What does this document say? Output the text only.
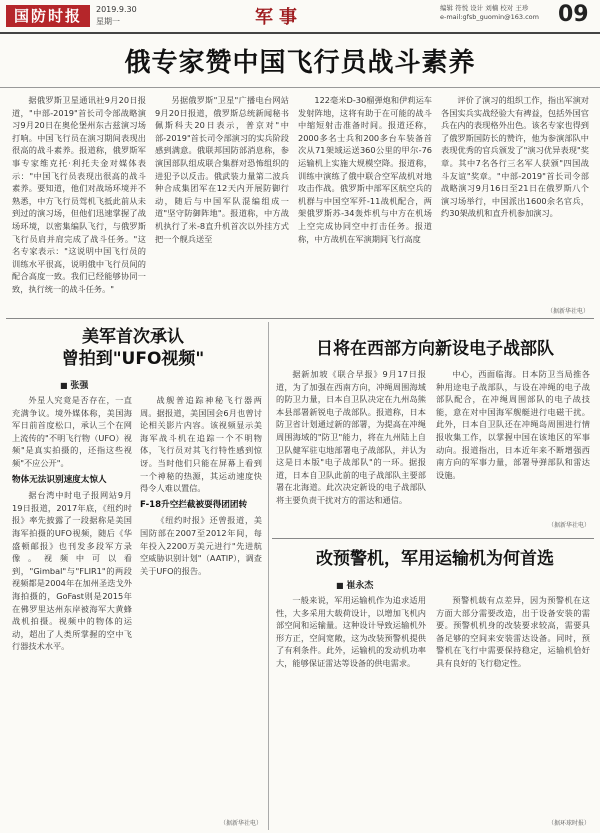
国防时报	2019.9.30
星期一	军事	编辑 符悦 设计 刘楠 校对 王珍
e-mail:gfsb_guomin@163.com 09
俄专家赞中国飞行员战斗素养

据俄罗斯卫星通讯社9月20日报道，"中部-2019"首长司令部战略演习9月20日在奥伦堡州东古兹演习场打响。中国飞行员在演习期间表现出很高的战斗素养。报道称，俄罗斯军事专家维克托·利托夫金对媒体表示："中国飞行员表现出很高的战斗素养。要知道，他们对战场环境并不熟悉，中方飞行员驾机飞抵此前从未到过的演习场，但他们迅速掌握了战场环境，以密集编队飞行，与俄罗斯飞行员肩并肩完成了战斗任务。"这名专家表示："这说明中国飞行员的训练水平很高，说明俄中飞行员间的配合高度一致。我们已经能够协同一致，执行统一的战斗任务。"

另据俄罗斯"卫星"广播电台网站9月20日报道，俄罗斯总统新闻秘书佩斯科夫20日表示，普京对"中部-2019"首长司令部演习的实兵阶段感到满意。俄联邦国防部消息称，参演国部队组成联合集群对恐怖组织的进犯予以反击。俄武装力量第二波兵种合成集团军在12天内开展防御行动，随后与中国军队混编组成一道"坚守防御阵地"。报道称，中方战机执行了米-8直升机首次以外挂方式把一个舰兵送至

122毫米D-30榴弹炮和伊莉运车发射阵地，这将有助于在可能的战斗中缩短射击准备时间。报道还称，2000多名士兵和200多台车装备首次从71架域运送360公里的甲尔-76运输机上实施大规模空降。报道称，训练中演练了俄中联合空军战机对地攻击作战。俄罗斯中部军区航空兵的机群与中国空军歼-11战机配合，两架俄罗斯苏-34轰炸机与中方在机场上空完成协同空中打击任务。报道称，中方战机在军演期间飞行高度

评价了演习的组织工作，指出军演对各国实兵实战经验大有裨益，包括外国官兵在内的表现格外出色。该名专家也得到了俄罗斯国防长的赞许，他为参演部队中表现优秀的官兵颁发了"演习优异表现"奖章。其中7名各行三名军人获颁"四国战斗友谊"奖章。"中部-2019"首长司令部战略演习9月16日至21日在俄罗斯八个演习场举行，中国派出1600余名官兵，约30架战机和直升机参加演习。

（据新华社电）
美军首次承认
曾拍到"UFO视频"
■ 张强

外星人究竟是否存在，一直充满争议。境外媒体称，美国海军日前首度松口，承认三个在网上流传的"不明飞行物（UFO）视频"是真实拍摄的，还指这些视频"不应公开"。

物体无法识别速度太惊人

据台湾中时电子报网站9月19日报道，2017年底，《纽约时报》率先披露了一段据称是美国海军拍摄的UFO视频，随后《华盛顿邮报》也刊发多段军方录像。视频中可以看到，"Gimbal"与"FLIR1"的两段视频都是2004年在加州圣迭戈外海拍摄的，GoFast则是2015年在佛罗里达州东岸被海军大黄蜂战机拍摄。视频中的物体的运动，超出了人类所掌握的空中飞行器技术水平。

战舰普追踪神秘飞行器两周。据报道，美国国会6月也曾讨论相关影片内容。该视频显示美海军战斗机在追踪一个不明物体，飞行员对其飞行特性感到惊讶。当时他们只能在屏幕上看到一个神秘的热源，其运动速度快得令人难以置信。

F-18升空拦截被耍得团团转

《纽约时报》还曾报道，美国防部在2007至2012年间，每年投入2200万美元进行"先进航空威胁识别计划"（AATIP），调查关于UFO的报告。

（据新华社电）
日将在西部方向新设电子战部队

据新加坡《联合早报》9月17日报道，为了加强在西南方向，冲绳周围海域的防卫力量，日本自卫队决定在九州岛熊本县部署新锐电子战部队。报道称，日本防卫省计划通过新的部署，为提高在冲绳周围海域的"防卫"能力，将在九州陆上自卫队健军驻屯地部署电子战部队，并认为这是日本版"电子战部队"的一环。据报道，日本自卫队此前的电子战部队主要部署在北海道。此次决定新设的电子战部队将主要负责干扰对方的雷达和通信。

中心，西面临海。日本防卫当局推各种用途电子战部队，与设在冲绳的电子战部队配合，在冲绳周围部队的电子战技能，意在对中国海军舰艇进行电磁干扰。此外，日本自卫队还在冲绳岛周围进行情报收集工作，以掌握中国在该地区的军事动向。报道指出，日本近年来不断增强西南方向的军事力量，部署导弹部队和雷达设施。

（据新华社电）
改预警机，军用运输机为何首选
■ 崔永杰

一般来说，军用运输机作为追求适用性，大多采用大载荷设计，以增加飞机内部空间和运输量。这种设计导致运输机外形方正，空间宽敞，这为改装预警机提供了有利条件。此外，运输机的发动机功率大，能够保证雷达等设备的供电需求。

预警机载有点差异，因为预警机在这方面大部分需要改造，出于设备安装的需要。预警机机身的改装要求较高，需要具备足够的空间来安装雷达设备。同时，预警机在飞行中需要保持稳定，运输机恰好具有良好的飞行稳定性。

（据环球时报）
